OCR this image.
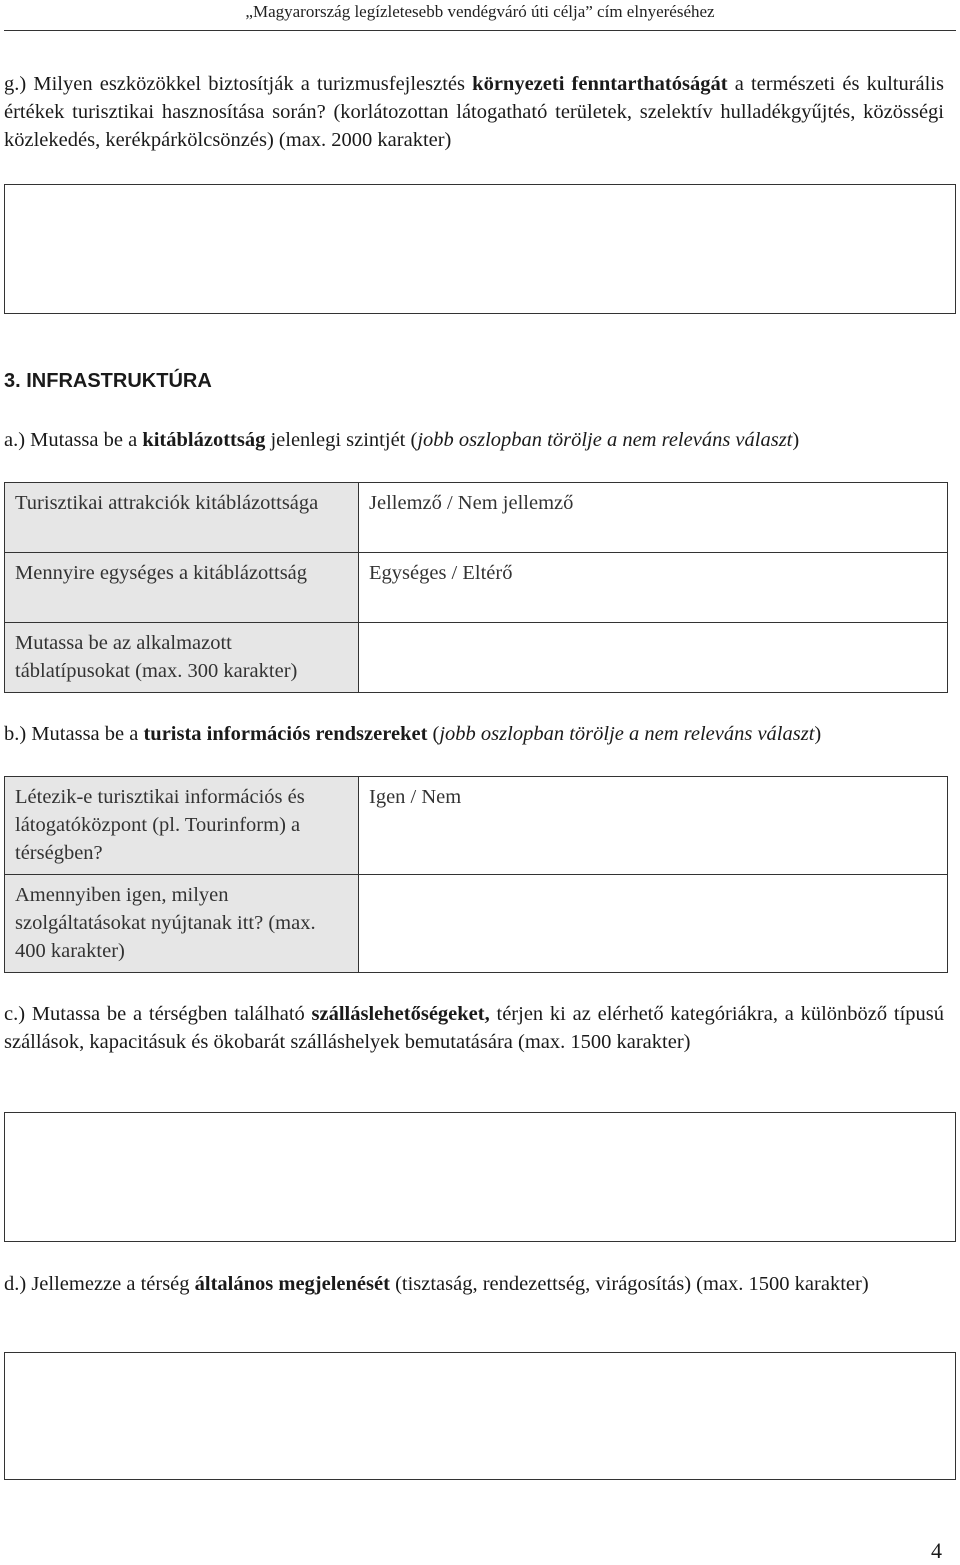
„Magyarország legízletesebb vendégváró úti célja” cím elnyeréséhez
g.) Milyen eszközökkel biztosítják a turizmusfejlesztés környezeti fenntarthatóságát a természeti és kulturális értékek turisztikai hasznosítása során? (korlátozottan látogatható területek, szelektív hulladékgyűjtés, közösségi közlekedés, kerékpárkölcsönzés) (max. 2000 karakter)
3. INFRASTRUKTÚRA
a.) Mutassa be a kitáblázottság jelenlegi szintjét (jobb oszlopban törölje a nem releváns választ)
Turisztikai attrakciók kitáblázottsága	Jellemző / Nem jellemző
Mennyire egységes a kitáblázottság	Egységes / Eltérő
Mutassa be az alkalmazott táblatípusokat (max. 300 karakter)	
b.) Mutassa be a turista információs rendszereket (jobb oszlopban törölje a nem releváns választ)
Létezik-e turisztikai információs és látogatóközpont (pl. Tourinform) a térségben?	Igen / Nem
Amennyiben igen, milyen szolgáltatásokat nyújtanak itt? (max. 400 karakter)	
c.) Mutassa be a térségben található szálláslehetőségeket, térjen ki az elérhető kategóriákra, a különböző típusú szállások, kapacitásuk és ökobarát szálláshelyek bemutatására (max. 1500 karakter)
d.) Jellemezze a térség általános megjelenését (tisztaság, rendezettség, virágosítás) (max. 1500 karakter)
4
